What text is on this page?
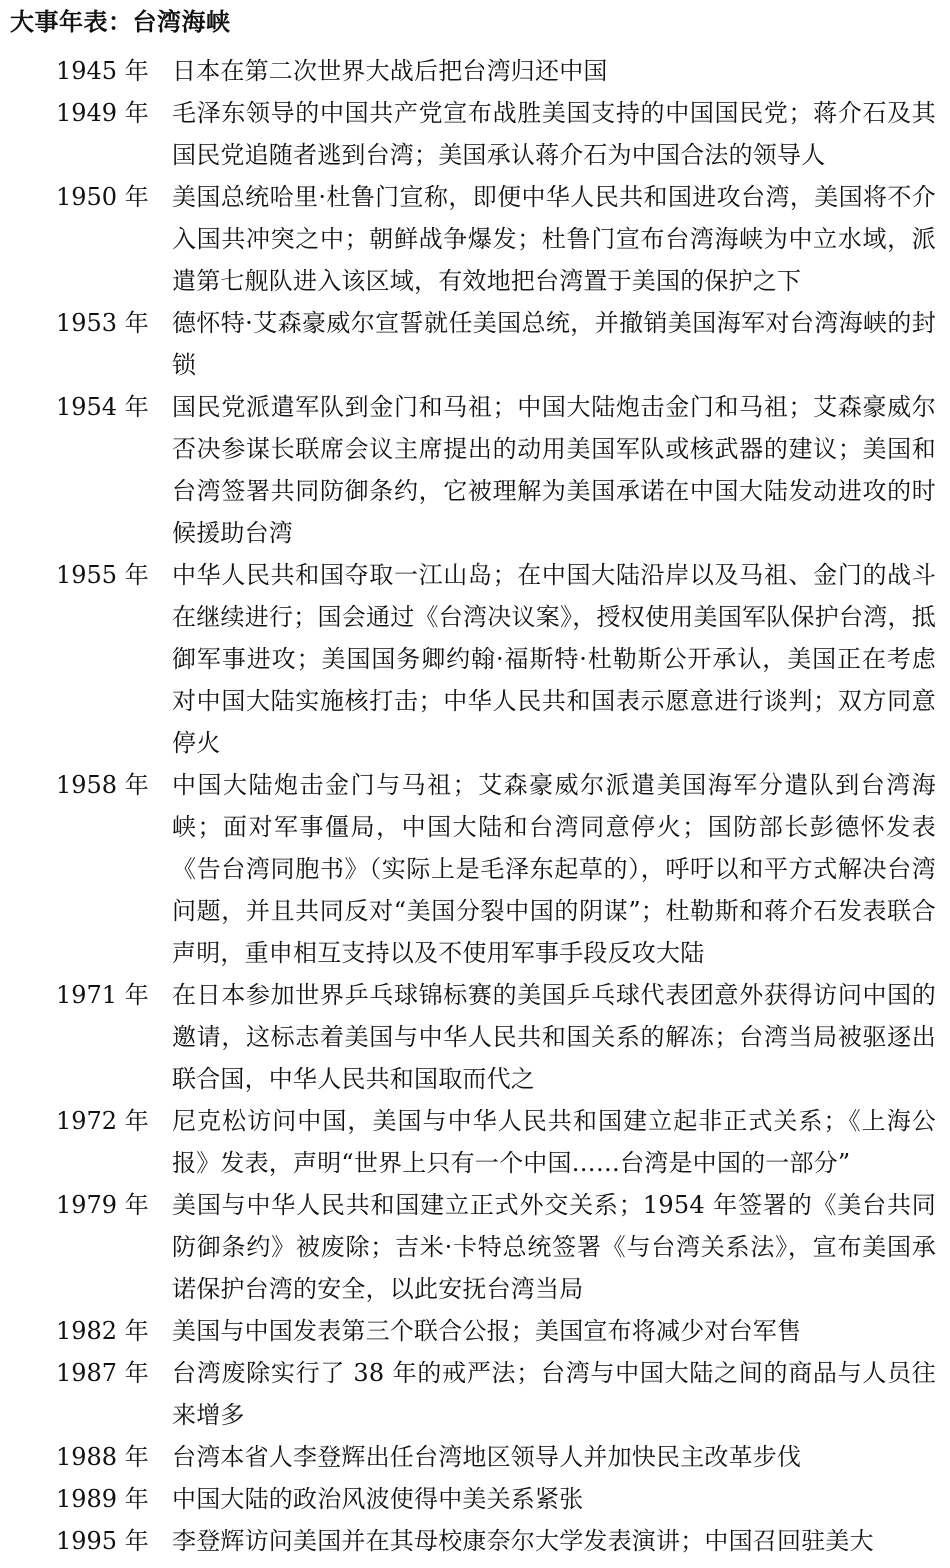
大事年表：台湾海峡
1945 年 日本在第二次世界大战后把台湾归还中国
1949 年 毛泽东领导的中国共产党宣布战胜美国支持的中国国民党；蒋介石及其国民党追随者逃到台湾；美国承认蒋介石为中国合法的领导人
1950 年 美国总统哈里·杜鲁门宣称，即便中华人民共和国进攻台湾，美国将不介入国共冲突之中；朝鲜战争爆发；杜鲁门宣布台湾海峡为中立水域，派遣第七舰队进入该区域，有效地把台湾置于美国的保护之下
1953 年 德怀特·艾森豪威尔宣誓就任美国总统，并撤销美国海军对台湾海峡的封锁
1954 年 国民党派遣军队到金门和马祖；中国大陆炮击金门和马祖；艾森豪威尔否决参谋长联席会议主席提出的动用美国军队或核武器的建议；美国和台湾签署共同防御条约，它被理解为美国承诺在中国大陆发动进攻的时候援助台湾
1955 年 中华人民共和国夺取一江山岛；在中国大陆沿岸以及马祖、金门的战斗在继续进行；国会通过《台湾决议案》，授权使用美国军队保护台湾，抵御军事进攻；美国国务卿约翰·福斯特·杜勒斯公开承认，美国正在考虑对中国大陆实施核打击；中华人民共和国表示愿意进行谈判；双方同意停火
1958 年 中国大陆炮击金门与马祖；艾森豪威尔派遣美国海军分遣队到台湾海峡；面对军事僵局，中国大陆和台湾同意停火；国防部长彭德怀发表《告台湾同胞书》（实际上是毛泽东起草的），呼吁以和平方式解决台湾问题，并且共同反对“美国分裂中国的阴谋”；杜勒斯和蒋介石发表联合声明，重申相互支持以及不使用军事手段反攻大陆
1971 年 在日本参加世界乒乓球锦标赛的美国乒乓球代表团意外获得访问中国的邀请，这标志着美国与中华人民共和国关系的解冻；台湾当局被驱逐出联合国，中华人民共和国取而代之
1972 年 尼克松访问中国，美国与中华人民共和国建立起非正式关系；《上海公报》发表，声明“世界上只有一个中国……台湾是中国的一部分”
1979 年 美国与中华人民共和国建立正式外交关系；1954 年签署的《美台共同防御条约》被废除；吉米·卡特总统签署《与台湾关系法》，宣布美国承诺保护台湾的安全，以此安抚台湾当局
1982 年 美国与中国发表第三个联合公报；美国宣布将减少对台军售
1987 年 台湾废除实行了 38 年的戒严法；台湾与中国大陆之间的商品与人员往来增多
1988 年 台湾本省人李登辉出任台湾地区领导人并加快民主改革步伐
1989 年 中国大陆的政治风波使得中美关系紧张
1995 年 李登辉访问美国并在其母校康奈尔大学发表演讲；中国召回驻美大
